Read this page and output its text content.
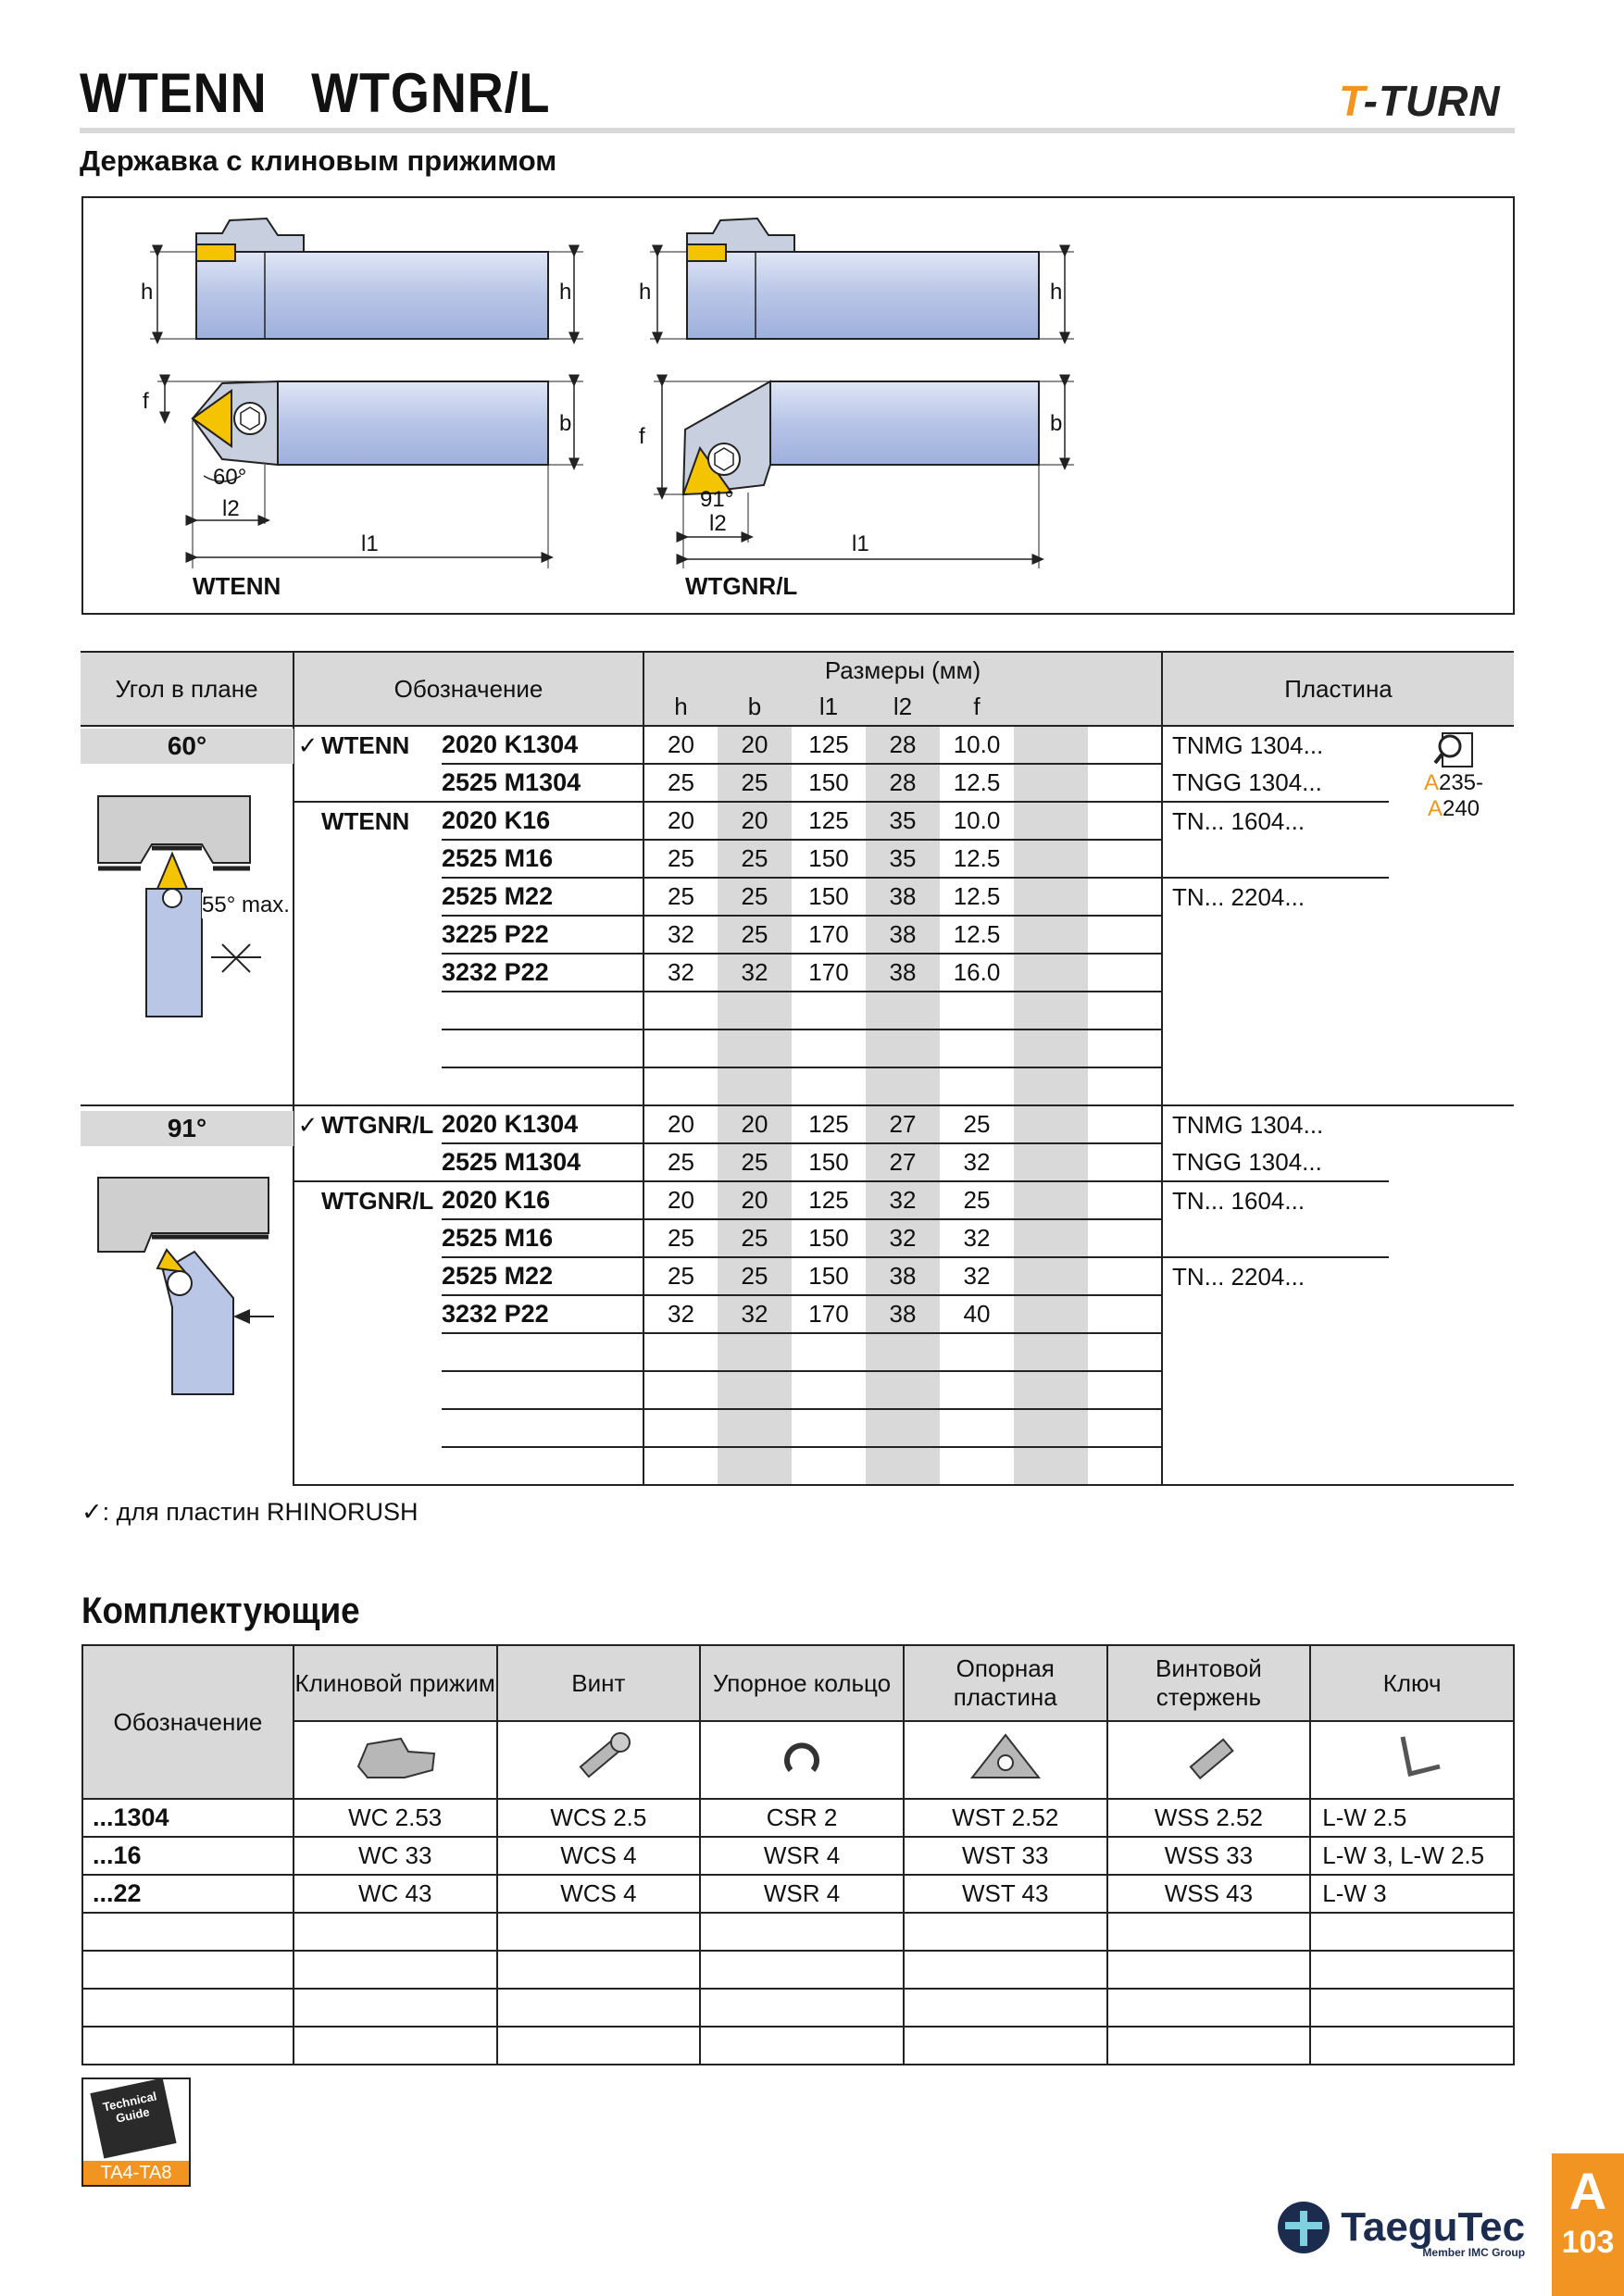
WTENN   WTGNR/L	T-TURN
Державка с клиновым прижимом
h	h
f
b
60°
l2
l1
WTENN
h	h
f
b
91°
l2
l1
WTGNR/L
Угол в плане	Обозначение			Размеры (мм)							Пластина	
				h	b	l1	l2	f				
	✓	WTENN	2020 K1304	20	20	125	28	10.0			TNMG 1304...	
			2525 M1304	25	25	150	28	12.5			TNGG 1304...	
		WTENN	2020 K16	20	20	125	35	10.0			TN... 1604...	
			2525 M16	25	25	150	35	12.5				
			2525 M22	25	25	150	38	12.5			TN... 2204...	
			3225 P22	32	25	170	38	12.5				
			3232 P22	32	32	170	38	16.0				

	✓	WTGNR/L	2020 K1304	20	20	125	27	25			TNMG 1304...	
			2525 M1304	25	25	150	27	32			TNGG 1304...	
		WTGNR/L	2020 K16	20	20	125	32	25			TN... 1604...	
			2525 M16	25	25	150	32	32				
			2525 M22	25	25	150	38	32			TN... 2204...	
			3232 P22	32	32	170	38	40				

60°
55° max.
91°
A235-A240
✓: для пластин RHINORUSH
Комплектующие
Обозначение	Клиновой прижим	Винт	Упорное кольцо	Опорная пластина	Винтовой стержень	Ключ

...1304	WC 2.53	WCS 2.5	CSR 2	WST 2.52	WSS 2.52	L-W 2.5
...16	WC 33	WCS 4	WSR 4	WST 33	WSS 33	L-W 3, L-W 2.5
...22	WC 43	WCS 4	WSR 4	WST 43	WSS 43	L-W 3

Technical Guide
TA4-TA8
TaeguTec
Member IMC Group
A
103
